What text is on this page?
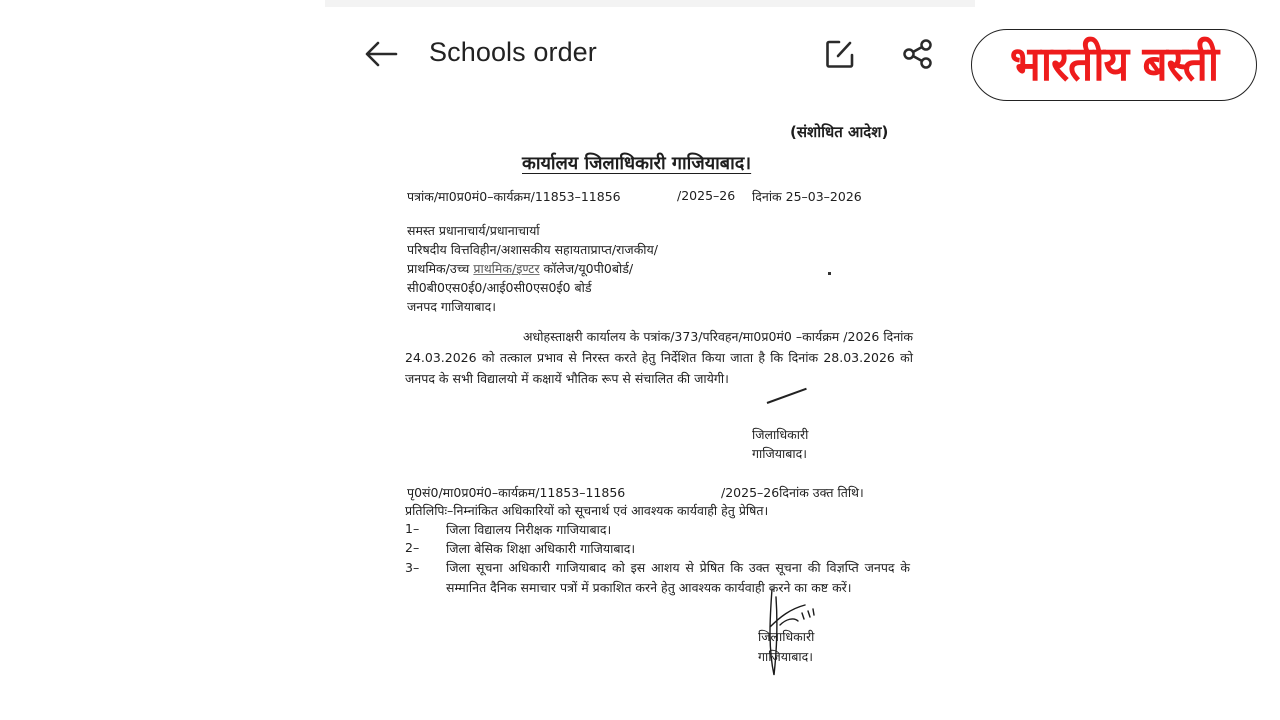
Schools order	भारतीय बस्ती
(संशोधित आदेश)
कार्यालय जिलाधिकारी गाजियाबाद।
पत्रांक/मा0प्र0मं0–कार्यक्रम/11853–11856	/2025–26 दिनांक 25–03–2026
समस्त प्रधानाचार्य/प्रधानाचार्या
परिषदीय वित्तविहीन/अशासकीय सहायताप्राप्त/राजकीय/
प्राथमिक/उच्च प्राथमिक/इण्टर कॉलेज/यू0पी0बोर्ड/
सी0बी0एस0ई0/आई0सी0एस0ई0 बोर्ड
जनपद गाजियाबाद।
अधोहस्ताक्षरी कार्यालय के पत्रांक/373/परिवहन/मा0प्र0मं0 –कार्यक्रम /2026 दिनांक 24.03.2026 को तत्काल प्रभाव से निरस्त करते हेतु निर्देशित किया जाता है कि दिनांक 28.03.2026 को जनपद के सभी विद्यालयो में कक्षायें भौतिक रूप से संचालित की जायेगी।
जिलाधिकारी
गाजियाबाद।
पृ0सं0/मा0प्र0मं0–कार्यक्रम/11853–11856	/2025–26दिनांक उक्त तिथि।
प्रतिलिपिः–निम्नांकित अधिकारियों को सूचनार्थ एवं आवश्यक कार्यवाही हेतु प्रेषित।
1– जिला विद्यालय निरीक्षक गाजियाबाद।
2– जिला बेसिक शिक्षा अधिकारी गाजियाबाद।
3– जिला सूचना अधिकारी गाजियाबाद को इस आशय से प्रेषित कि उक्त सूचना की विज्ञप्ति जनपद के सम्मानित दैनिक समाचार पत्रों में प्रकाशित करने हेतु आवश्यक कार्यवाही करने का कष्ट करें।
जिलाधिकारी
गाजियाबाद।
